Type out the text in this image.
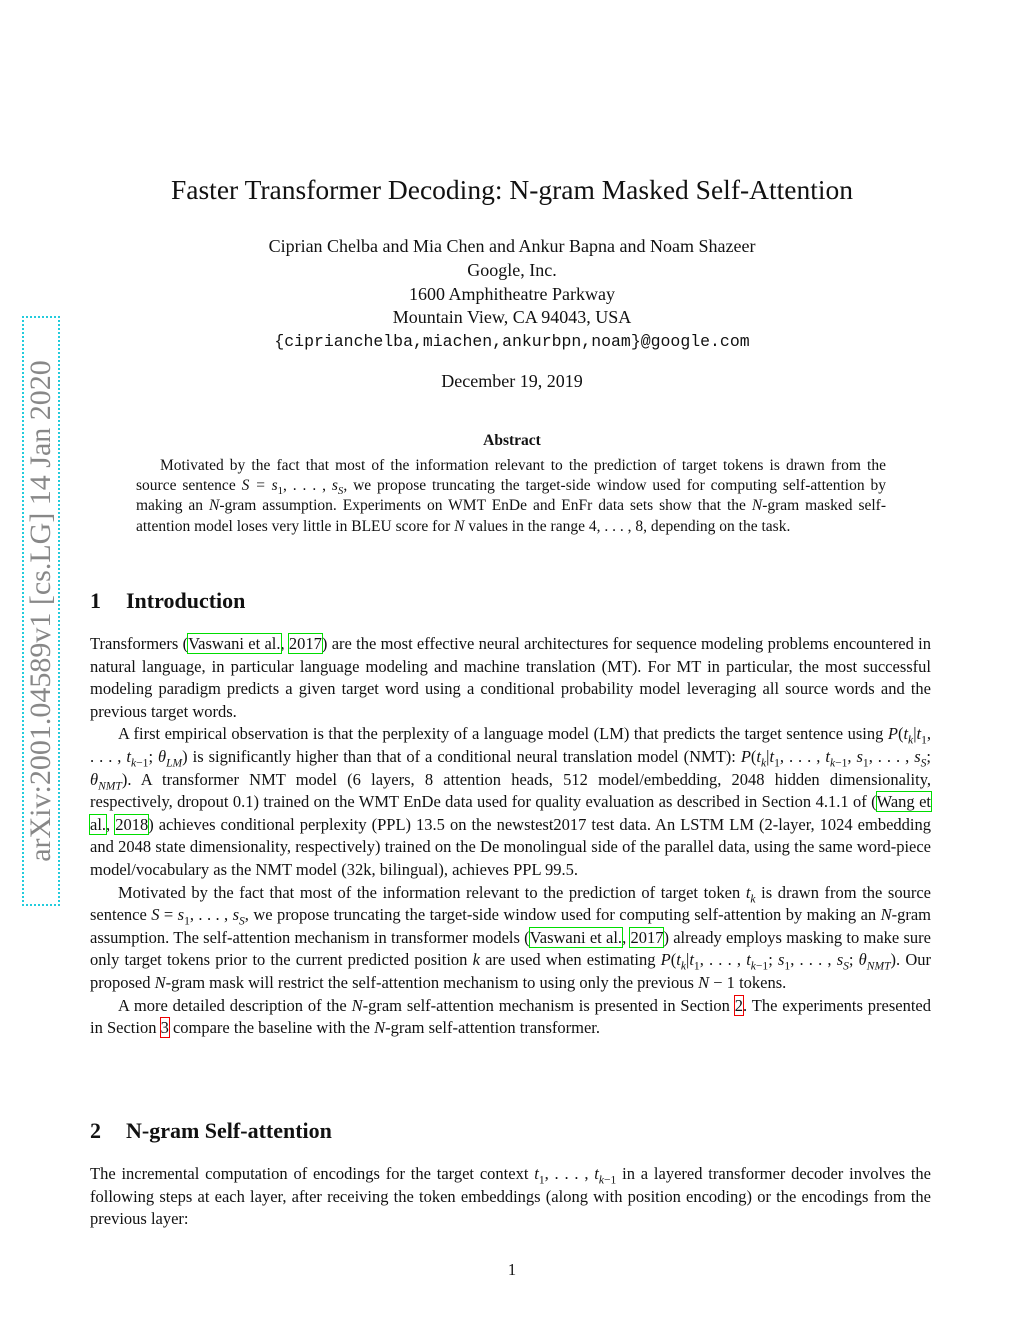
arXiv:2001.04589v1 [cs.LG] 14 Jan 2020
Faster Transformer Decoding: N-gram Masked Self-Attention
Ciprian Chelba and Mia Chen and Ankur Bapna and Noam Shazeer
Google, Inc.
1600 Amphitheatre Parkway
Mountain View, CA 94043, USA
{ciprianchelba,miachen,ankurbpn,noam}@google.com
December 19, 2019
Abstract

Motivated by the fact that most of the information relevant to the prediction of target tokens is drawn from the source sentence $S = s_1$, . . . , $s_S$, we propose truncating the target-side window used for computing self-attention by making an N-gram assumption. Experiments on WMT EnDe and EnFr data sets show that the N-gram masked self-attention model loses very little in BLEU score for N values in the range 4, . . . , 8, depending on the task.

1 Introduction

Transformers (Vaswani et al., 2017) are the most effective neural architectures for sequence modeling problems encountered in natural language, in particular language modeling and machine translation (MT). For MT in particular, the most successful modeling paradigm predicts a given target word using a conditional probability model leveraging all source words and the previous target words.

A first empirical observation is that the perplexity of a language model (LM) that predicts the target sentence using $P(t_k|t_1$, . . . , $t_{k-1}$; $\theta_{LM}$) is significantly higher than that of a conditional neural translation model (NMT): $P(t_k|t_1$, . . . , $t_{k-1}$, $s_1$, . . . , $s_S$; $\theta_{NMT}$). A transformer NMT model (6 layers, 8 attention heads, 512 model/embedding, 2048 hidden dimensionality, respectively, dropout 0.1) trained on the WMT EnDe data used for quality evaluation as described in Section 4.1.1 of (Wang et al., 2018) achieves conditional perplexity (PPL) 13.5 on the newstest2017 test data. An LSTM LM (2-layer, 1024 embedding and 2048 state dimensionality, respectively) trained on the De monolingual side of the parallel data, using the same word-piece model/vocabulary as the NMT model (32k, bilingual), achieves PPL 99.5.

Motivated by the fact that most of the information relevant to the prediction of target token $t_k$ is drawn from the source sentence $S = s_1$, . . . , $s_S$, we propose truncating the target-side window used for computing self-attention by making an N-gram assumption. The self-attention mechanism in transformer models (Vaswani et al., 2017) already employs masking to make sure only target tokens prior to the current predicted position k are used when estimating $P(t_k|t_1$, . . . , $t_{k-1}$; $s_1$, . . . , $s_S$; $\theta_{NMT}$). Our proposed N-gram mask will restrict the self-attention mechanism to using only the previous N − 1 tokens.

A more detailed description of the N-gram self-attention mechanism is presented in Section 2. The experiments presented in Section 3 compare the baseline with the N-gram self-attention transformer.

2 N-gram Self-attention

The incremental computation of encodings for the target context $t_1$, . . . , $t_{k-1}$ in a layered transformer decoder involves the following steps at each layer, after receiving the token embeddings (along with position encoding) or the encodings from the previous layer:

1
